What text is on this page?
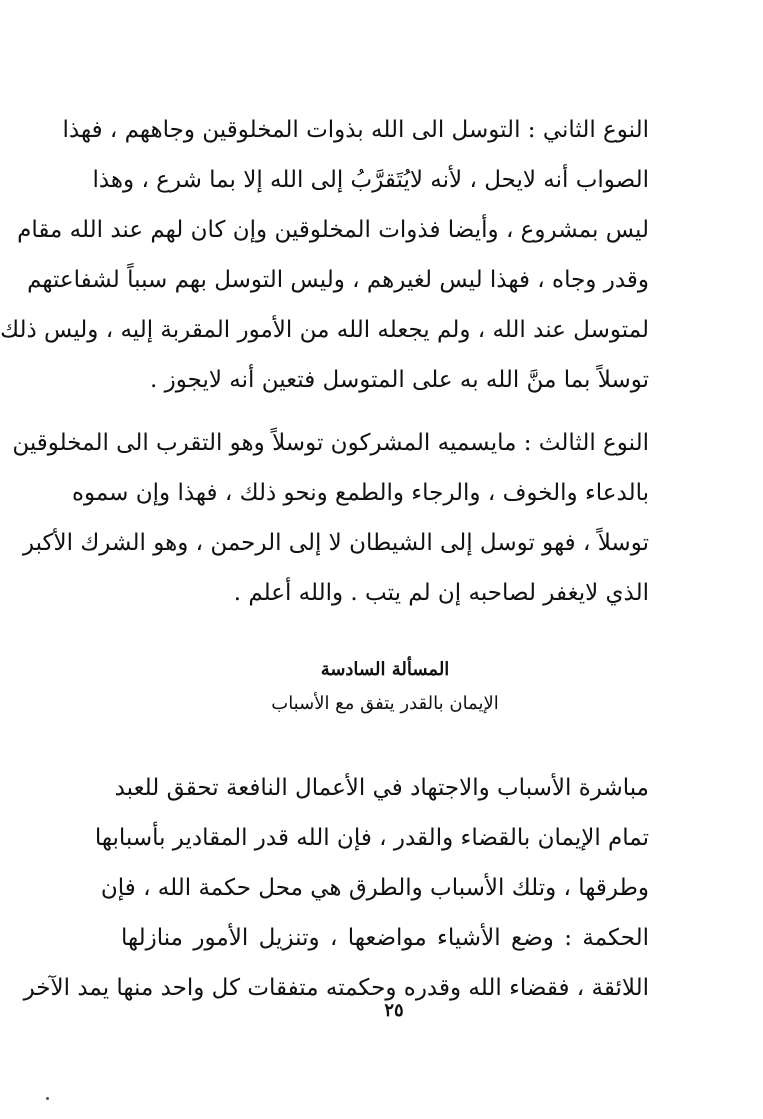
النوع الثاني : التوسل الى الله بذوات المخلوقين وجاههم ، فهذا
الصواب أنه لايحل ، لأنه لايُتَقرَّبُ إلى الله إلا بما شرع ، وهذا
ليس بمشروع ، وأيضا فذوات المخلوقين وإن كان لهم عند الله مقام
وقدر وجاه ، فهذا ليس لغيرهم ، وليس التوسل بهم سبباً لشفاعتهم
لمتوسل عند الله ، ولم يجعله الله من الأمور المقربة إليه ، وليس ذلك
توسلاً بما منَّ الله به على المتوسل فتعين أنه لايجوز .
النوع الثالث : مايسميه المشركون توسلاً وهو التقرب الى المخلوقين
بالدعاء والخوف ، والرجاء والطمع ونحو ذلك ، فهذا وإن سموه
توسلاً ، فهو توسل إلى الشيطان لا إلى الرحمن ، وهو الشرك الأكبر
الذي لايغفر لصاحبه إن لم يتب . والله أعلم .
المسألة السادسة
الإيمان بالقدر يتفق مع الأسباب
مباشرة الأسباب والاجتهاد في الأعمال النافعة تحقق للعبد
تمام الإيمان بالقضاء والقدر ، فإن الله قدر المقادير بأسبابها
وطرقها ، وتلك الأسباب والطرق هي محل حكمة الله ، فإن
الحكمة : وضع الأشياء مواضعها ، وتنزيل الأمور منازلها
اللائقة ، فقضاء الله وقدره وحكمته متفقات كل واحد منها يمد الآخر
٢٥
